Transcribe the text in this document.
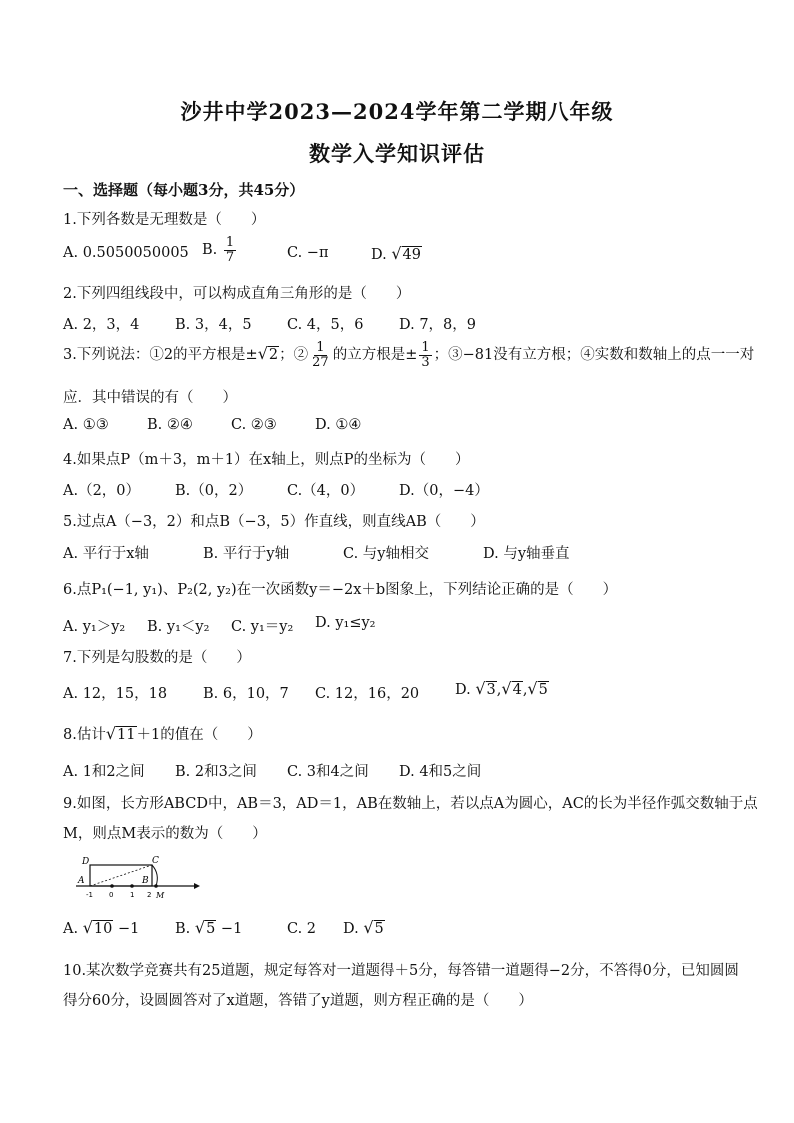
沙井中学2023—2024学年第二学期八年级
数学入学知识评估
一、选择题（每小题3分，共45分）
1.下列各数是无理数是（　　）
A. 0.5050050005 B. $\frac{1}{7}$	C. −π	D. √49
2.下列四组线段中，可以构成直角三角形的是（　　）
A. 2，3，4 B. 3，4，5 C. 4，5，6 D. 7，8，9
3.下列说法：①2的平方根是±√2；② $\frac{1}{27}$ 的立方根是± $\frac{1}{3}$ ；③−81没有立方根；④实数和数轴上的点一一对
应．其中错误的有（　　）
A. ①③	B. ②④	C. ②③	D. ①④
4.如果点P（m＋3，m＋1）在x轴上，则点P的坐标为（　　）
A.（2，0） B.（0，2） C.（4，0） D.（0，−4）
5.过点A（−3，2）和点B（−3，5）作直线，则直线AB（　　）
A. 平行于x轴	B. 平行于y轴	C. 与y轴相交	D. 与y轴垂直
6.点P₁(−1, y₁)、P₂(2, y₂)在一次函数y＝−2x＋b图象上，下列结论正确的是（　　）
A. y₁＞y₂ B. y₁＜y₂ C. y₁＝y₂ D. y₁≤y₂
7.下列是勾股数的是（　　）
A. 12，15，18 B. 6，10，7 C. 12，16，20 D. √3,√4,√5
8.估计√11＋1的值在（　　）
A. 1和2之间 B. 2和3之间 C. 3和4之间 D. 4和5之间
9.如图，长方形ABCD中，AB＝3，AD＝1，AB在数轴上，若以点A为圆心，AC的长为半径作弧交数轴于点
M，则点M表示的数为（　　）
D	C
A	B
M
-1 0 1 2
A. √10 −1 B. √5 −1	C. 2 D. √5
10.某次数学竞赛共有25道题，规定每答对一道题得＋5分，每答错一道题得−2分，不答得0分，已知圆圆
得分60分，设圆圆答对了x道题，答错了y道题，则方程正确的是（　　）
